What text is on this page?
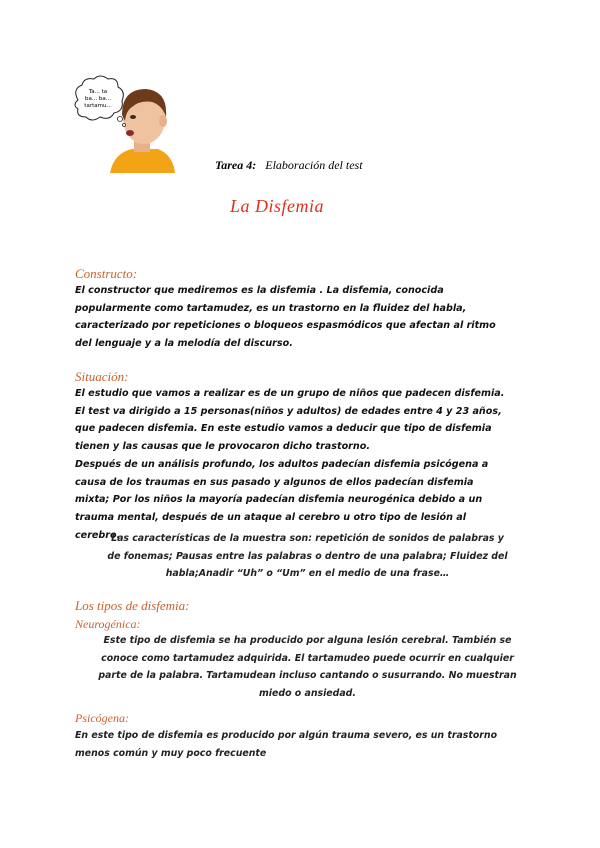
Ta... ta
ba... ba...
tartamu...
Tarea 4: Elaboración del test
La Disfemia
Constructo:

El constructor que mediremos es la disfemia . La disfemia, conocida

popularmente como tartamudez, es un trastorno en la fluidez del habla,

caracterizado por repeticiones o bloqueos espasmódicos que afectan al ritmo

del lenguaje y a la melodía del discurso.

Situación:

El estudio que vamos a realizar es de un grupo de niños que padecen disfemia.

El test va dirigido a 15 personas(niños y adultos) de edades entre 4 y 23 años,

que padecen disfemia. En este estudio vamos a deducir que tipo de disfemia

tienen y las causas que le provocaron dicho trastorno.

Después de un análisis profundo, los adultos padecían disfemia psicógena a

causa de los traumas en sus pasado y algunos de ellos padecían disfemia

mixta; Por los niños la mayoría padecían disfemia neurogénica debido a un

trauma mental, después de un ataque al cerebro u otro tipo de lesión al

cerebro.

Las características de la muestra son: repetición de sonidos de palabras y

de fonemas; Pausas entre las palabras o dentro de una palabra; Fluidez del

habla;Anadir “Uh” o “Um” en el medio de una frase…

Los tipos de disfemia:
Neurogénica:

Este tipo de disfemia se ha producido por alguna lesión cerebral. También se

conoce como tartamudez adquirida. El tartamudeo puede ocurrir en cualquier

parte de la palabra. Tartamudean incluso cantando o susurrando. No muestran

miedo o ansiedad.

Psicógena:

En este tipo de disfemia es producido por algún trauma severo, es un trastorno

menos común y muy poco frecuente
